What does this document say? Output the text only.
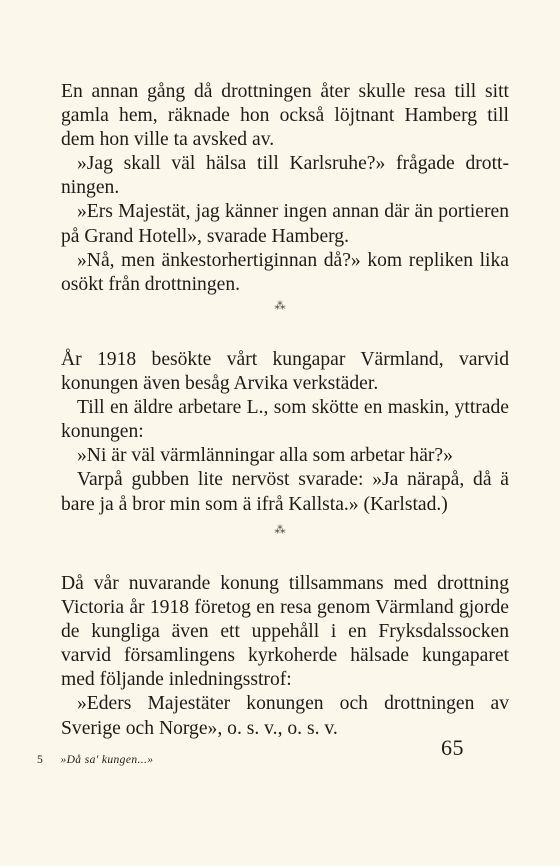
En annan gång då drottningen åter skulle resa till sitt gamla hem, räknade hon också löjtnant Hamberg till dem hon ville ta avsked av.

»Jag skall väl hälsa till Karlsruhe?» frågade drottningen.

»Ers Majestät, jag känner ingen annan där än portieren på Grand Hotell», svarade Hamberg.

»Nå, men änkestorhertiginnan då?» kom repliken lika osökt från drottningen.

⁂

År 1918 besökte vårt kungapar Värmland, varvid konungen även besåg Arvika verkstäder.

Till en äldre arbetare L., som skötte en maskin, yttrade konungen:

»Ni är väl värmlänningar alla som arbetar här?»

Varpå gubben lite nervöst svarade: »Ja närapå, då ä bare ja å bror min som ä ifrå Kallsta.» (Karlstad.)

⁂

Då vår nuvarande konung tillsammans med drottning Victoria år 1918 företog en resa genom Värmland gjorde de kungliga även ett uppehåll i en Fryksdalssocken varvid församlingens kyrkoherde hälsade kungaparet med följande inledningsstrof:

»Eders Majestäter konungen och drottningen av Sverige och Norge», o. s. v., o. s. v.

65
5 »Då sa' kungen...»
